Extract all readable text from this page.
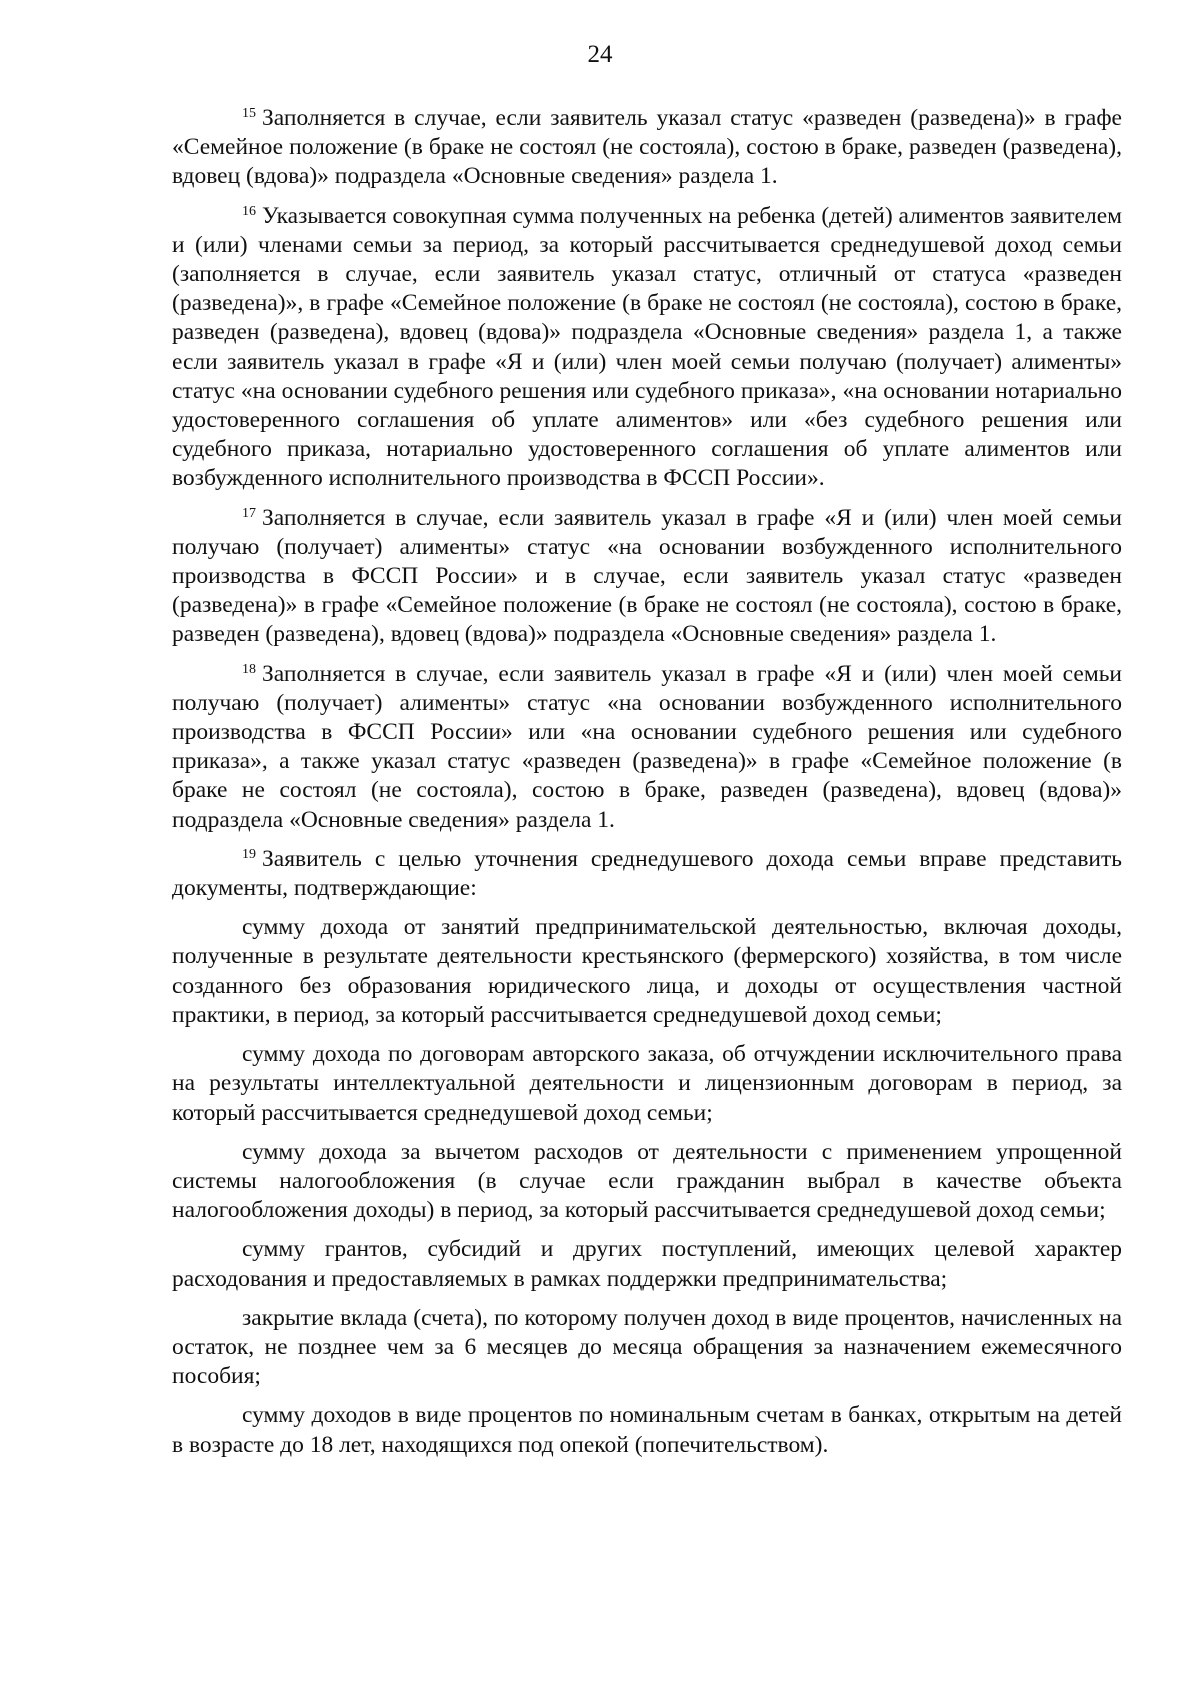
24

$^{15}$ Заполняется в случае, если заявитель указал статус «разведен (разведена)» в графе «Семейное положение (в браке не состоял (не состояла), состою в браке, разведен (разведена), вдовец (вдова)» подраздела «Основные сведения» раздела 1.

$^{16}$ Указывается совокупная сумма полученных на ребенка (детей) алиментов заявителем и (или) членами семьи за период, за который рассчитывается среднедушевой доход семьи (заполняется в случае, если заявитель указал статус, отличный от статуса «разведен (разведена)», в графе «Семейное положение (в браке не состоял (не состояла), состою в браке, разведен (разведена), вдовец (вдова)» подраздела «Основные сведения» раздела 1, а также если заявитель указал в графе «Я и (или) член моей семьи получаю (получает) алименты» статус «на основании судебного решения или судебного приказа», «на основании нотариально удостоверенного соглашения об уплате алиментов» или «без судебного решения или судебного приказа, нотариально удостоверенного соглашения об уплате алиментов или возбужденного исполнительного производства в ФССП России».

$^{17}$ Заполняется в случае, если заявитель указал в графе «Я и (или) член моей семьи получаю (получает) алименты» статус «на основании возбужденного исполнительного производства в ФССП России» и в случае, если заявитель указал статус «разведен (разведена)» в графе «Семейное положение (в браке не состоял (не состояла), состою в браке, разведен (разведена), вдовец (вдова)» подраздела «Основные сведения» раздела 1.

$^{18}$ Заполняется в случае, если заявитель указал в графе «Я и (или) член моей семьи получаю (получает) алименты» статус «на основании возбужденного исполнительного производства в ФССП России» или «на основании судебного решения или судебного приказа», а также указал статус «разведен (разведена)» в графе «Семейное положение (в браке не состоял (не состояла), состою в браке, разведен (разведена), вдовец (вдова)» подраздела «Основные сведения» раздела 1.

$^{19}$ Заявитель с целью уточнения среднедушевого дохода семьи вправе представить документы, подтверждающие:

сумму дохода от занятий предпринимательской деятельностью, включая доходы, полученные в результате деятельности крестьянского (фермерского) хозяйства, в том числе созданного без образования юридического лица, и доходы от осуществления частной практики, в период, за который рассчитывается среднедушевой доход семьи;

сумму дохода по договорам авторского заказа, об отчуждении исключительного права на результаты интеллектуальной деятельности и лицензионным договорам в период, за который рассчитывается среднедушевой доход семьи;

сумму дохода за вычетом расходов от деятельности с применением упрощенной системы налогообложения (в случае если гражданин выбрал в качестве объекта налогообложения доходы) в период, за который рассчитывается среднедушевой доход семьи;

сумму грантов, субсидий и других поступлений, имеющих целевой характер расходования и предоставляемых в рамках поддержки предпринимательства;

закрытие вклада (счета), по которому получен доход в виде процентов, начисленных на остаток, не позднее чем за 6 месяцев до месяца обращения за назначением ежемесячного пособия;

сумму доходов в виде процентов по номинальным счетам в банках, открытым на детей в возрасте до 18 лет, находящихся под опекой (попечительством).
